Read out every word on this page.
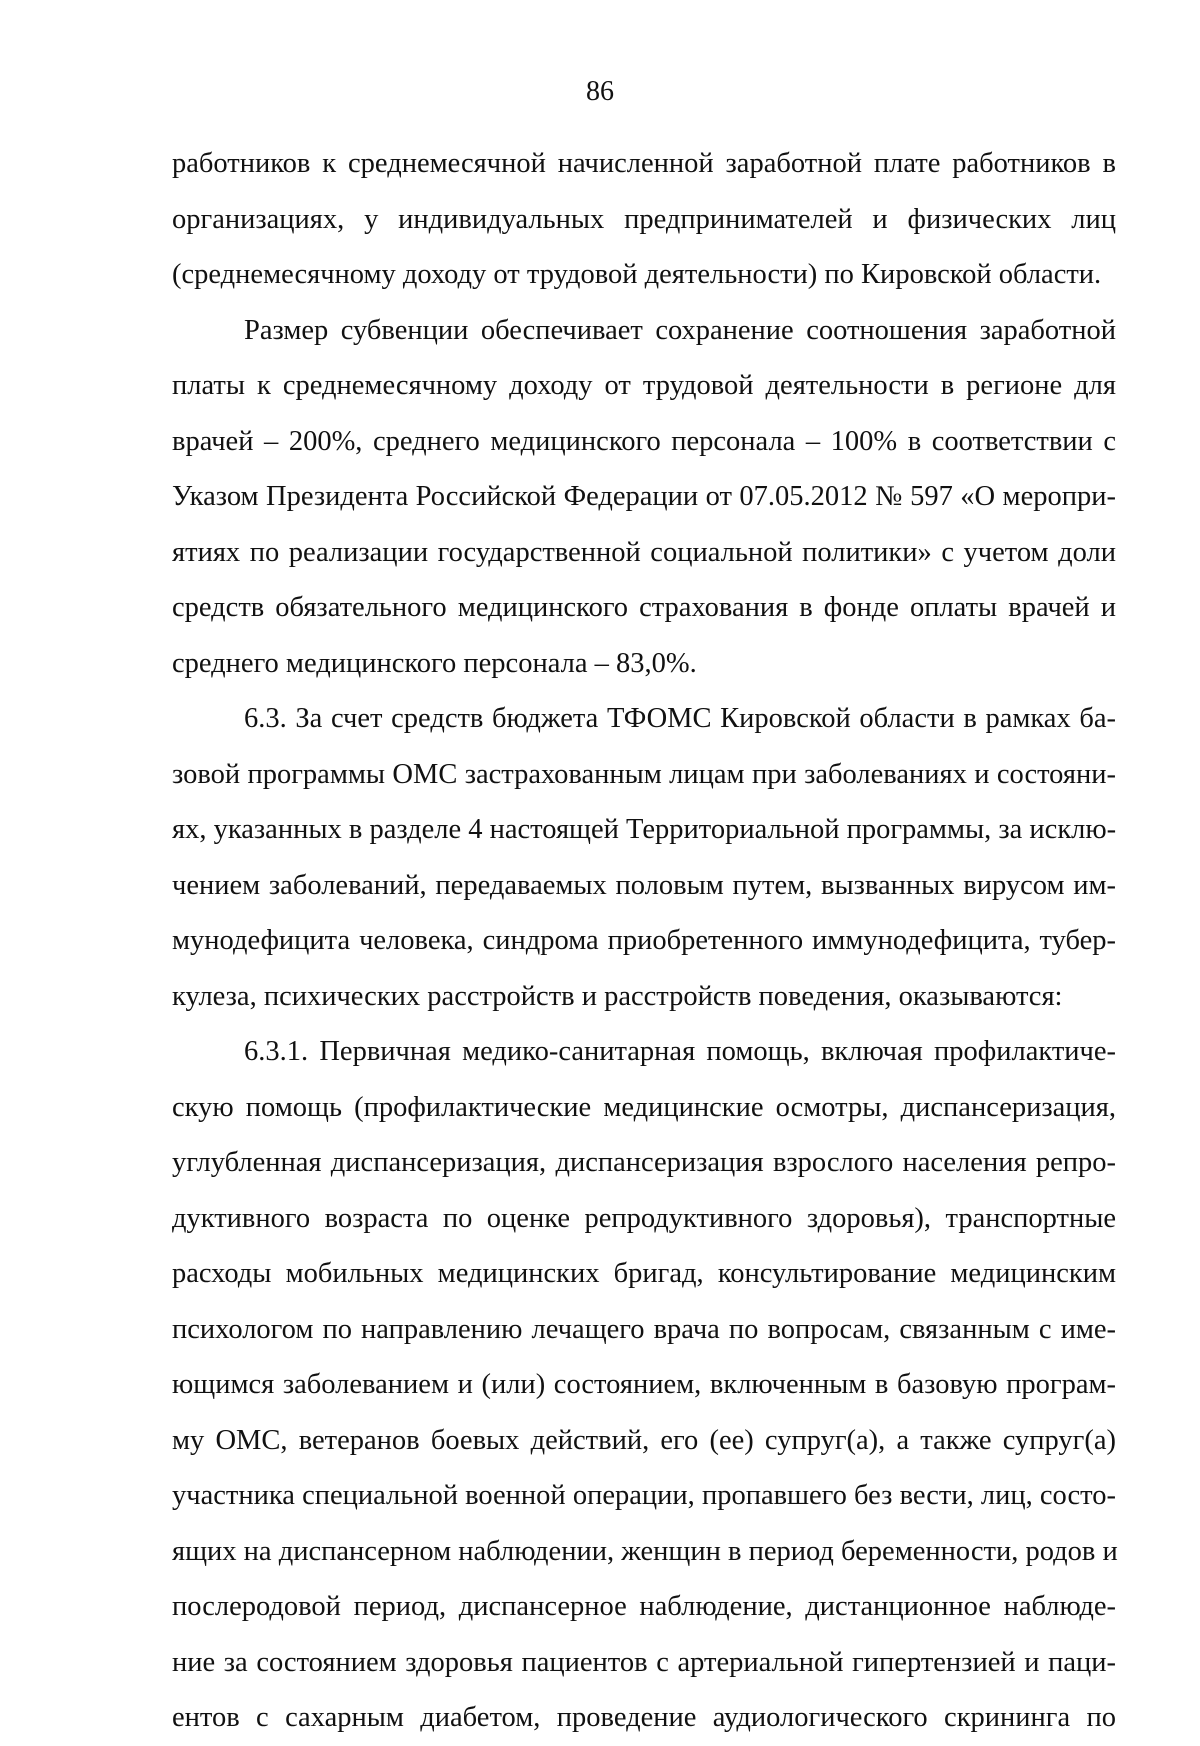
86
работников к среднемесячной начисленной заработной плате работников в
организациях, у индивидуальных предпринимателей и физических лиц
(среднемесячному доходу от трудовой деятельности) по Кировской области.
Размер субвенции обеспечивает сохранение соотношения заработной
платы к среднемесячному доходу от трудовой деятельности в регионе для
врачей – 200%, среднего медицинского персонала – 100% в соответствии с
Указом Президента Российской Федерации от 07.05.2012 № 597 «О меропри-
ятиях по реализации государственной социальной политики» с учетом доли
средств обязательного медицинского страхования в фонде оплаты врачей и
среднего медицинского персонала – 83,0%.
6.3. За счет средств бюджета ТФОМС Кировской области в рамках ба-
зовой программы ОМС застрахованным лицам при заболеваниях и состояни-
ях, указанных в разделе 4 настоящей Территориальной программы, за исклю-
чением заболеваний, передаваемых половым путем, вызванных вирусом им-
мунодефицита человека, синдрома приобретенного иммунодефицита, тубер-
кулеза, психических расстройств и расстройств поведения, оказываются:
6.3.1. Первичная медико-санитарная помощь, включая профилактиче-
скую помощь (профилактические медицинские осмотры, диспансеризация,
углубленная диспансеризация, диспансеризация взрослого населения репро-
дуктивного возраста по оценке репродуктивного здоровья), транспортные
расходы мобильных медицинских бригад, консультирование медицинским
психологом по направлению лечащего врача по вопросам, связанным с име-
ющимся заболеванием и (или) состоянием, включенным в базовую програм-
му ОМС, ветеранов боевых действий, его (ее) супруг(а), а также супруг(а)
участника специальной военной операции, пропавшего без вести, лиц, состо-
ящих на диспансерном наблюдении, женщин в период беременности, родов и
послеродовой период, диспансерное наблюдение, дистанционное наблюде-
ние за состоянием здоровья пациентов с артериальной гипертензией и паци-
ентов с сахарным диабетом, проведение аудиологического скрининга по
